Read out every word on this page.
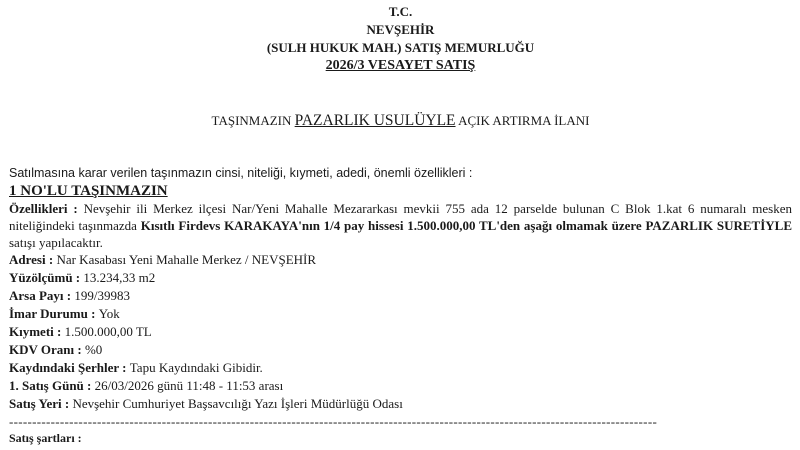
T.C.

NEVŞEHİR

(SULH HUKUK MAH.) SATIŞ MEMURLUĞU

2026/3 VESAYET SATIŞ

TAŞINMAZIN PAZARLIK USULÜYLE AÇIK ARTIRMA İLANI
Satılmasına karar verilen taşınmazın cinsi, niteliği, kıymeti, adedi, önemli özellikleri :
1 NO'LU TAŞINMAZIN
Özellikleri : Nevşehir ili Merkez ilçesi Nar/Yeni Mahalle Mezararkası mevkii 755 ada 12 parselde bulunan C Blok 1.kat 6 numaralı mesken niteliğindeki taşınmazda Kısıtlı Firdevs KARAKAYA'nın 1/4 pay hissesi 1.500.000,00 TL'den aşağı olmamak üzere PAZARLIK SURETİYLE satışı yapılacaktır.
Adresi : Nar Kasabası Yeni Mahalle Merkez / NEVŞEHİR
Yüzölçümü : 13.234,33 m2
Arsa Payı : 199/39983
İmar Durumu : Yok
Kıymeti : 1.500.000,00 TL
KDV Oranı : %0
Kaydındaki Şerhler : Tapu Kaydındaki Gibidir.
1. Satış Günü : 26/03/2026 günü 11:48 - 11:53 arası
Satış Yeri : Nevşehir Cumhuriyet Başsavcılığı Yazı İşleri Müdürlüğü Odası
--------------------------------------------------------------------------------------------------------------------------------------------
Satış şartları :
